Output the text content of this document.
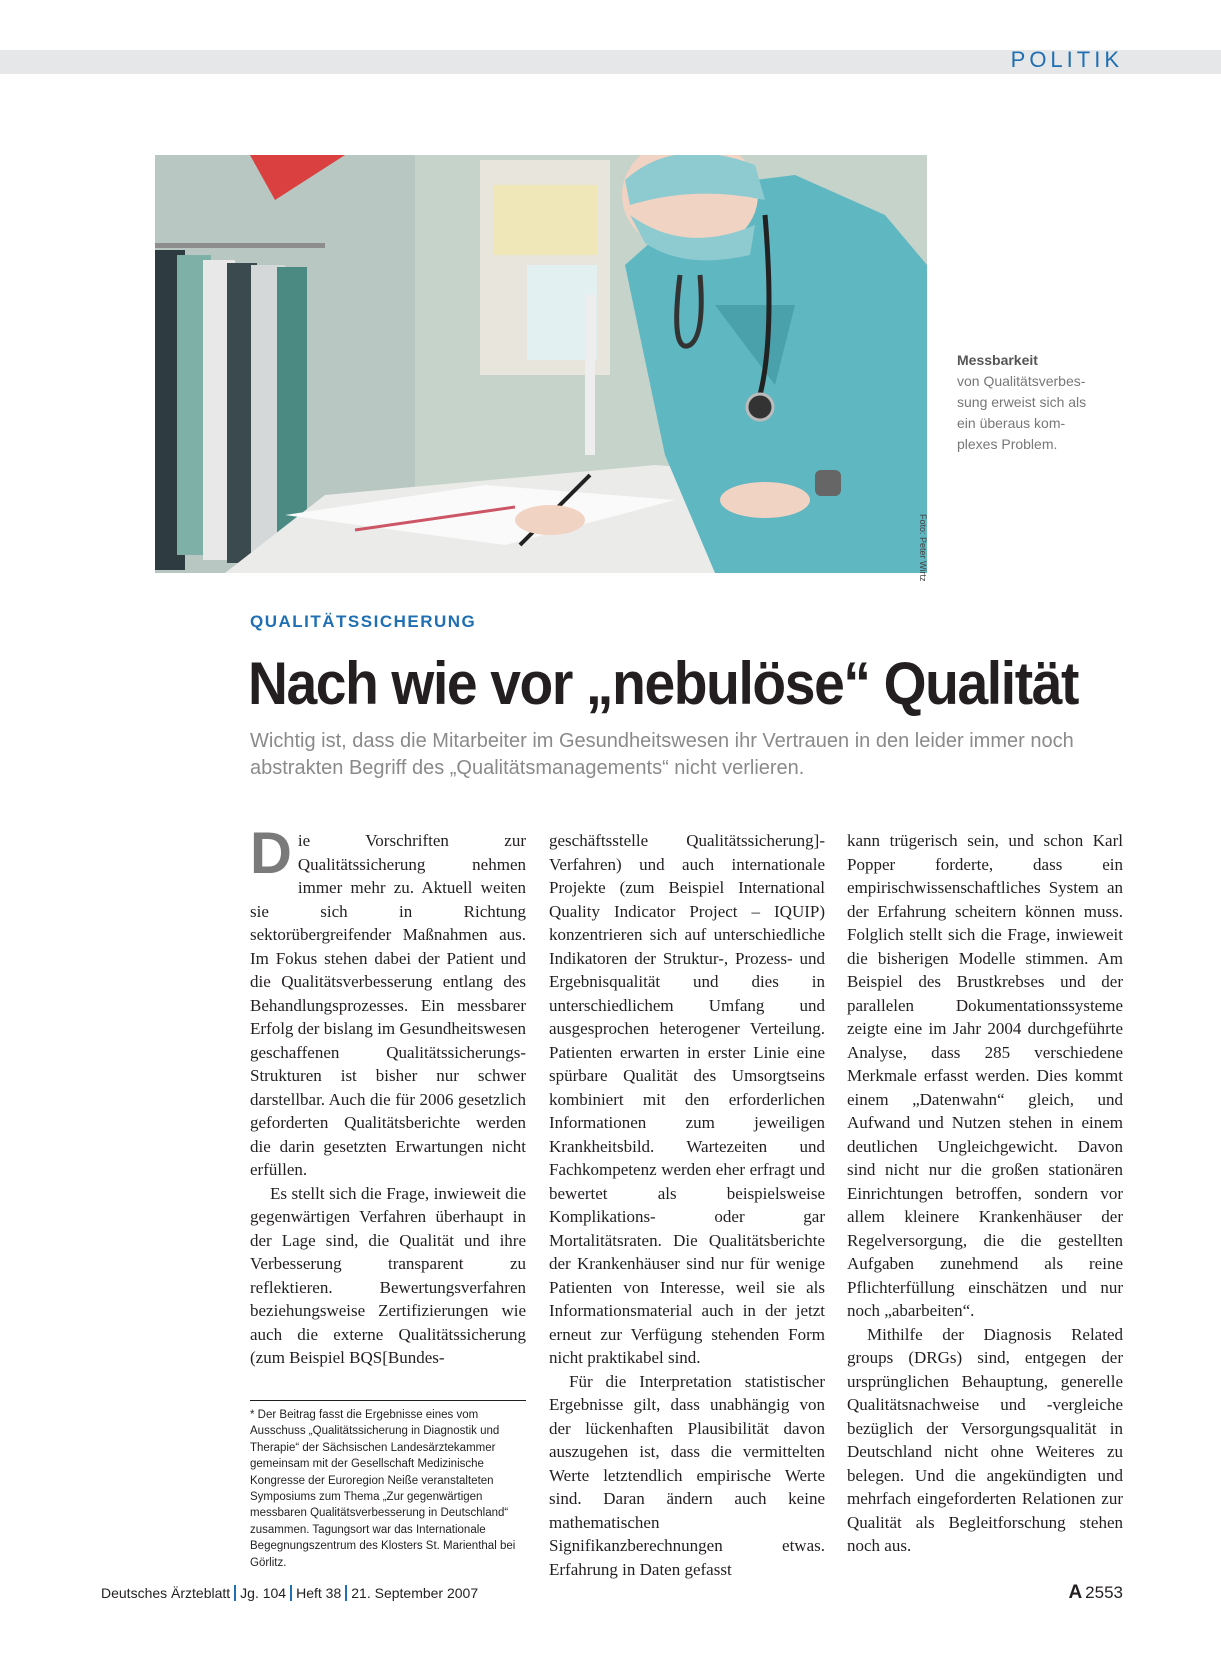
POLITIK
Foto: Peter Wirtz
Messbarkeit
von Qualitätsverbes-sung erweist sich als ein überaus kom-plexes Problem.
QUALITÄTSSICHERUNG
Nach wie vor „nebulöse“ Qualität
Wichtig ist, dass die Mitarbeiter im Gesundheitswesen ihr Vertrauen in den leider immer noch abstrakten Begriff des „Qualitätsmanagements“ nicht verlieren.

Die Vorschriften zur Qualitätssicherung nehmen immer mehr zu. Aktuell weiten sie sich in Richtung sektorübergreifender Maßnahmen aus. Im Fokus stehen dabei der Patient und die Qualitätsverbesserung entlang des Behandlungsprozesses. Ein messbarer Erfolg der bislang im Gesundheitswesen geschaffenen Qualitätssicherungs-Strukturen ist bisher nur schwer darstellbar. Auch die für 2006 gesetzlich geforderten Qualitätsberichte werden die darin gesetzten Erwartungen nicht erfüllen.

Es stellt sich die Frage, inwieweit die gegenwärtigen Verfahren überhaupt in der Lage sind, die Qualität und ihre Verbesserung transparent zu reflektieren. Bewertungsverfahren beziehungsweise Zertifizierungen wie auch die externe Qualitätssicherung (zum Beispiel BQS[Bundes-

* Der Beitrag fasst die Ergebnisse eines vom Ausschuss „Qualitätssicherung in Diagnostik und Therapie“ der Sächsischen Landesärztekammer gemeinsam mit der Gesellschaft Medizinische Kongresse der Euroregion Neiße veranstalteten Symposiums zum Thema „Zur gegenwärtigen messbaren Qualitätsverbesserung in Deutschland“ zusammen. Tagungsort war das Internationale Begegnungszentrum des Klosters St. Marienthal bei Görlitz.

geschäftsstelle Qualitätssicherung]-Verfahren) und auch internationale Projekte (zum Beispiel International Quality Indicator Project – IQUIP) konzentrieren sich auf unterschiedliche Indikatoren der Struktur-, Prozess- und Ergebnisqualität und dies in unterschiedlichem Umfang und ausgesprochen heterogener Verteilung. Patienten erwarten in erster Linie eine spürbare Qualität des Umsorgtseins kombiniert mit den erforderlichen Informationen zum jeweiligen Krankheitsbild. Wartezeiten und Fachkompetenz werden eher erfragt und bewertet als beispielsweise Komplikations- oder gar Mortalitätsraten. Die Qualitätsberichte der Krankenhäuser sind nur für wenige Patienten von Interesse, weil sie als Informationsmaterial auch in der jetzt erneut zur Verfügung stehenden Form nicht praktikabel sind.

Für die Interpretation statistischer Ergebnisse gilt, dass unabhängig von der lückenhaften Plausibilität davon auszugehen ist, dass die vermittelten Werte letztendlich empirische Werte sind. Daran ändern auch keine mathematischen Signifikanzberechnungen etwas. Erfahrung in Daten gefasst

kann trügerisch sein, und schon Karl Popper forderte, dass ein empirischwissenschaftliches System an der Erfahrung scheitern können muss. Folglich stellt sich die Frage, inwieweit die bisherigen Modelle stimmen. Am Beispiel des Brustkrebses und der parallelen Dokumentationssysteme zeigte eine im Jahr 2004 durchgeführte Analyse, dass 285 verschiedene Merkmale erfasst werden. Dies kommt einem „Datenwahn“ gleich, und Aufwand und Nutzen stehen in einem deutlichen Ungleichgewicht. Davon sind nicht nur die großen stationären Einrichtungen betroffen, sondern vor allem kleinere Krankenhäuser der Regelversorgung, die die gestellten Aufgaben zunehmend als reine Pflichterfüllung einschätzen und nur noch „abarbeiten“.

Mithilfe der Diagnosis Related groups (DRGs) sind, entgegen der ursprünglichen Behauptung, generelle Qualitätsnachweise und -vergleiche bezüglich der Versorgungsqualität in Deutschland nicht ohne Weiteres zu belegen. Und die angekündigten und mehrfach eingeforderten Relationen zur Qualität als Begleitforschung stehen noch aus.

Deutsches Ärzteblatt Jg. 104 Heft 38 21. September 2007	A 2553
